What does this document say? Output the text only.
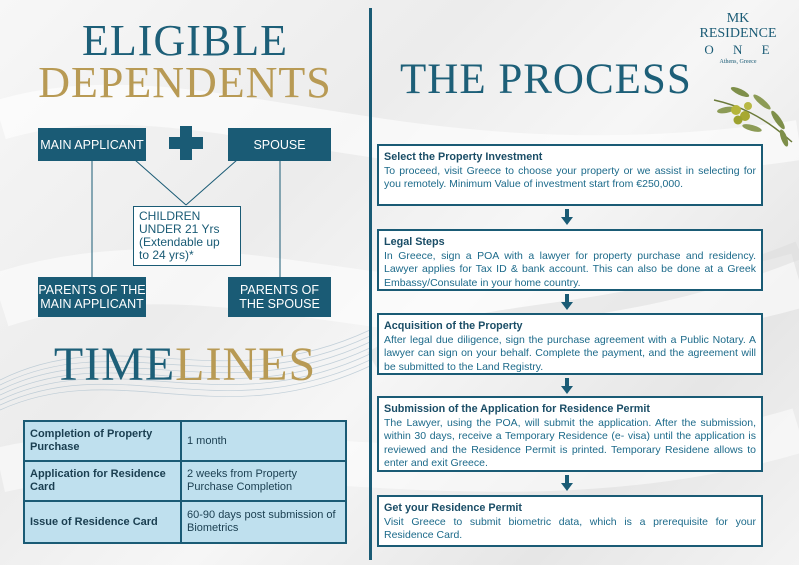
ELIGIBLE
DEPENDENTS
MAIN APPLICANT	SPOUSE
CHILDREN
UNDER 21 Yrs
(Extendable up
to 24 yrs)*
PARENTS OF THE MAIN APPLICANT
PARENTS OF THE SPOUSE
TIMELINES
Completion of Property Purchase	1 month
Application for Residence Card	2 weeks from Property Purchase Completion
Issue of Residence Card	60-90 days post submission of Biometrics
THE PROCESS
MK
RESIDENCE
O N E
Athens, Greece
Select the Property Investment
To proceed, visit Greece to choose your property or we assist in selecting for you remotely. Minimum Value of investment start from €250,000.
Legal Steps
In Greece, sign a POA with a lawyer for property purchase and residency. Lawyer applies for Tax ID & bank account. This can also be done at a Greek Embassy/Consulate in your home country.
Acquisition of the Property
After legal due diligence, sign the purchase agreement with a Public Notary. A lawyer can sign on your behalf. Complete the payment, and the agreement will be submitted to the Land Registry.
Submission of the Application for Residence Permit
The Lawyer, using the POA, will submit the application. After the submission, within 30 days, receive a Temporary Residence (e- visa) until the application is reviewed and the Residence Permit is printed. Temporary Residene allows to enter and exit Greece.
Get your Residence Permit
Visit Greece to submit biometric data, which is a prerequisite for your Residence Card.
